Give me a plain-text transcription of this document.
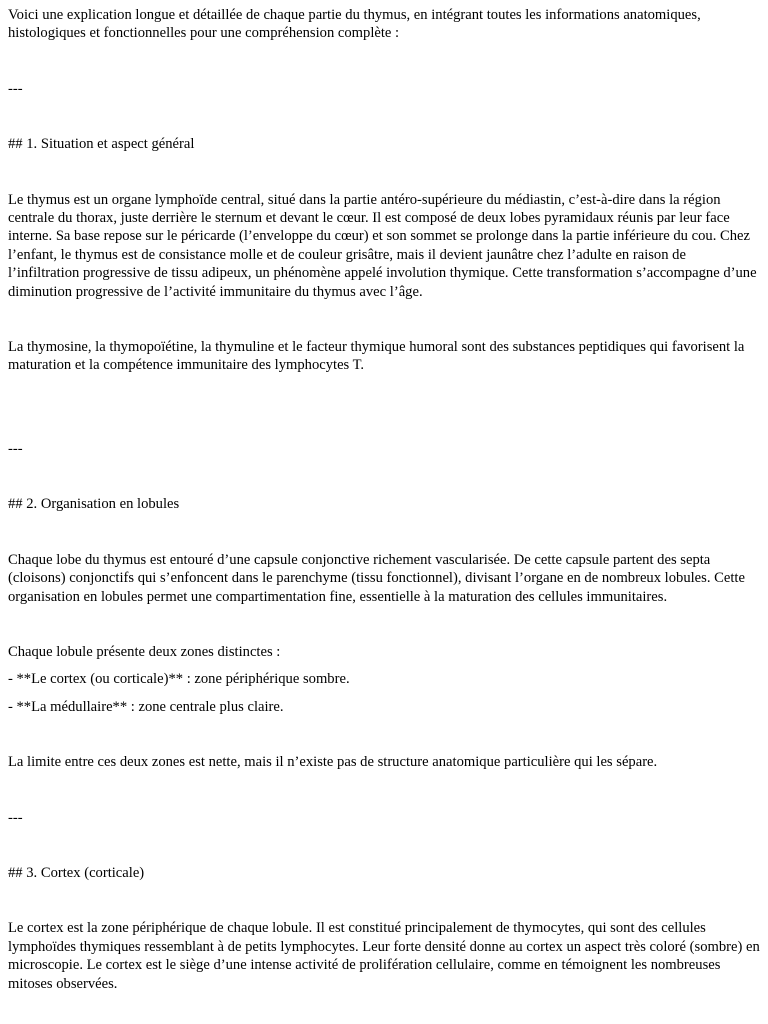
Voici une explication longue et détaillée de chaque partie du thymus, en intégrant toutes les informations anatomiques, histologiques et fonctionnelles pour une compréhension complète :

---

## 1. Situation et aspect général

Le thymus est un organe lymphoïde central, situé dans la partie antéro-supérieure du médiastin, c’est-à-dire dans la région centrale du thorax, juste derrière le sternum et devant le cœur. Il est composé de deux lobes pyramidaux réunis par leur face interne. Sa base repose sur le péricarde (l’enveloppe du cœur) et son sommet se prolonge dans la partie inférieure du cou. Chez l’enfant, le thymus est de consistance molle et de couleur grisâtre, mais il devient jaunâtre chez l’adulte en raison de l’infiltration progressive de tissu adipeux, un phénomène appelé involution thymique. Cette transformation s’accompagne d’une diminution progressive de l’activité immunitaire du thymus avec l’âge.

La thymosine, la thymopoïétine, la thymuline et le facteur thymique humoral sont des substances peptidiques qui favorisent la maturation et la compétence immunitaire des lymphocytes T.

---

## 2. Organisation en lobules

Chaque lobe du thymus est entouré d’une capsule conjonctive richement vascularisée. De cette capsule partent des septa (cloisons) conjonctifs qui s’enfoncent dans le parenchyme (tissu fonctionnel), divisant l’organe en de nombreux lobules. Cette organisation en lobules permet une compartimentation fine, essentielle à la maturation des cellules immunitaires.

Chaque lobule présente deux zones distinctes :

- **Le cortex (ou corticale)** : zone périphérique sombre.

- **La médullaire** : zone centrale plus claire.

La limite entre ces deux zones est nette, mais il n’existe pas de structure anatomique particulière qui les sépare.

---

## 3. Cortex (corticale)

Le cortex est la zone périphérique de chaque lobule. Il est constitué principalement de thymocytes, qui sont des cellules lymphoïdes thymiques ressemblant à de petits lymphocytes. Leur forte densité donne au cortex un aspect très coloré (sombre) en microscopie. Le cortex est le siège d’une intense activité de prolifération cellulaire, comme en témoignent les nombreuses mitoses observées.
